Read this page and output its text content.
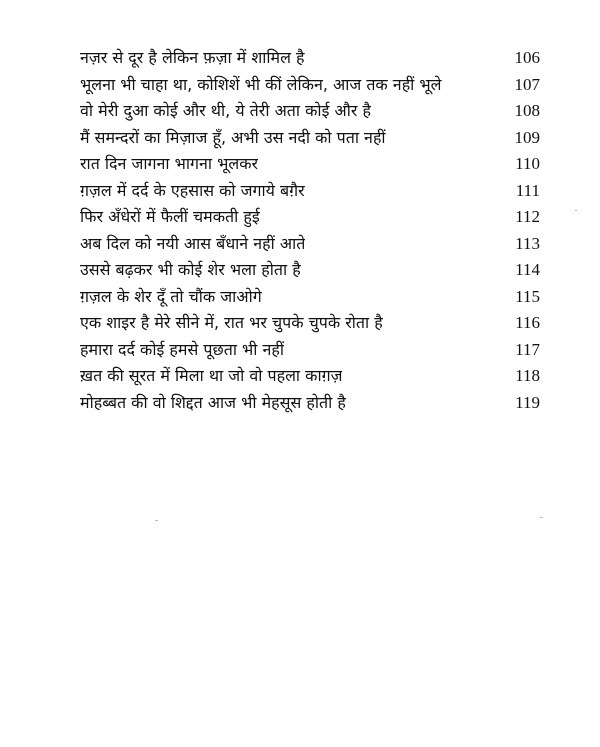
नज़र से दूर है लेकिन फ़ज़ा में शामिल है	106
भूलना भी चाहा था, कोशिशें भी कीं लेकिन, आज तक नहीं भूले	107
वो मेरी दुआ कोई और थी, ये तेरी अता कोई और है	108
मैं समन्दरों का मिज़ाज हूँ, अभी उस नदी को पता नहीं	109
रात दिन जागना भागना भूलकर	110
ग़ज़ल में दर्द के एहसास को जगाये बग़ैर	111
फिर अँधेरों में फैलीं चमकती हुई	112
अब दिल को नयी आस बँधाने नहीं आते	113
उससे बढ़कर भी कोई शेर भला होता है	114
ग़ज़ल के शेर दूँ तो चौंक जाओगे	115
एक शाइर है मेरे सीने में, रात भर चुपके चुपके रोता है	116
हमारा दर्द कोई हमसे पूछता भी नहीं	117
ख़त की सूरत में मिला था जो वो पहला काग़ज़	118
मोहब्बत की वो शिद्दत आज भी मेहसूस होती है	119
